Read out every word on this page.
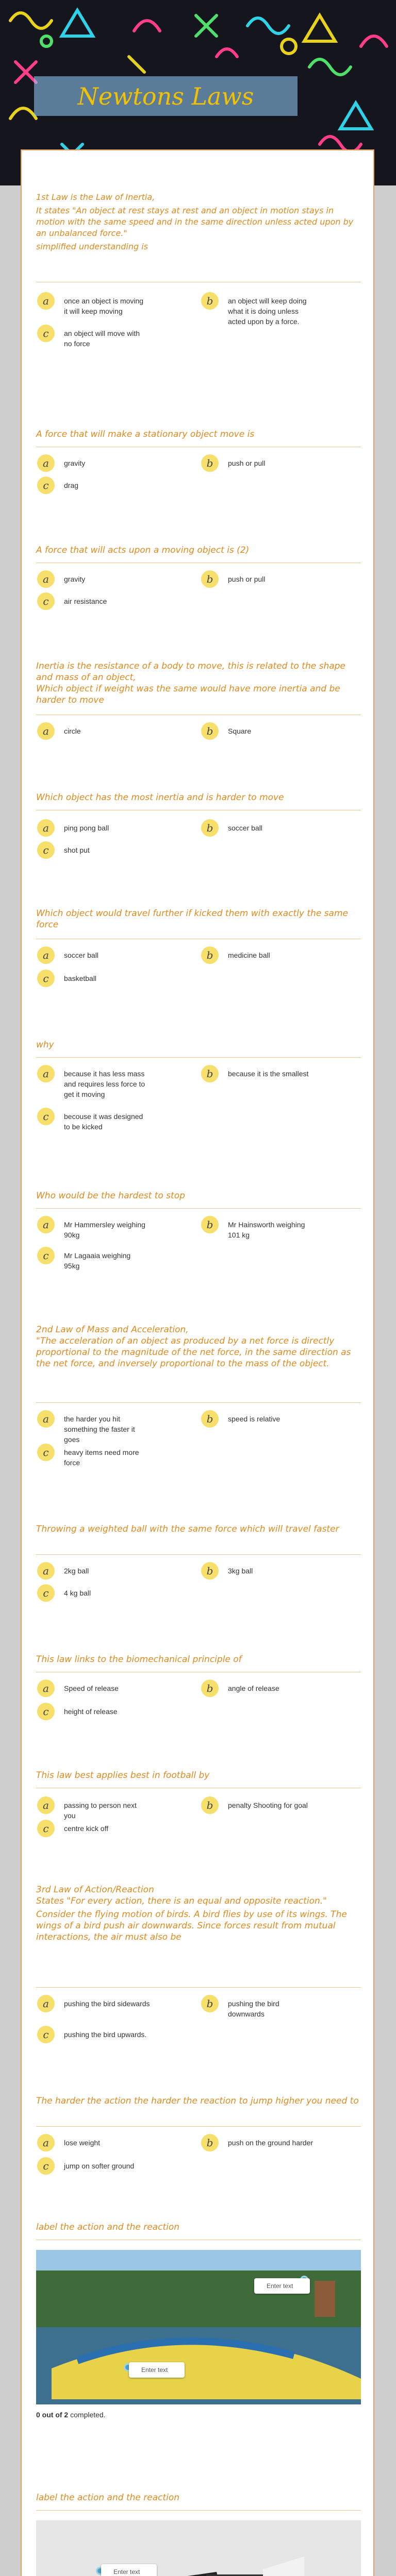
Newtons Laws

1st Law is the Law of Inertia,

It states "An object at rest stays at rest and an object in motion stays in motion with the same speed and in the same direction unless acted upon by an unbalanced force."

simplified understanding is

a	once an object is moving it will keep moving
b	an object will keep doing what it is doing unless acted upon by a force.
c	an object will move with no force

A force that will make a stationary object move is

a	gravity	b	push or pull
c	drag

A force that will acts upon a moving object is (2)

a	gravity	b	push or pull
c	air resistance

Inertia is the resistance of a body to move, this is related to the shape and mass of an object,

Which object if weight was the same would have more inertia and be harder to move

a	circle	b	Square

Which object has the most inertia and is harder to move

a	ping pong ball	b	soccer ball
c	shot put

Which object would travel further if kicked them with exactly the same force

a	soccer ball	b	medicine ball
c	basketball

why

a	because it has less mass and requires less force to get it moving
b	because it is the smallest
c	becouse it was designed to be kicked

Who would be the hardest to stop

a	Mr Hammersley weighing 90kg
b	Mr Hainsworth weighing 101 kg
c	Mr Lagaaia weighing 95kg

2nd Law of Mass and Acceleration,

"The acceleration of an object as produced by a net force is directly proportional to the magnitude of the net force, in the same direction as the net force, and inversely proportional to the mass of the object.

a	the harder you hit something the faster it goes
b	speed is relative
c	heavy items need more force

Throwing a weighted ball with the same force which will travel faster

a	2kg ball	b	3kg ball
c	4 kg ball

This law links to the biomechanical principle of

a	Speed of release	b	angle of release
c	height of release

This law best applies best in football by

a	passing to person next you
b	penalty Shooting for goal
c	centre kick off

3rd Law of Action/Reaction

States "For every action, there is an equal and opposite reaction."

Consider the flying motion of birds. A bird flies by use of its wings. The wings of a bird push air downwards. Since forces result from mutual interactions, the air must also be

a	pushing the bird sidewards	b	pushing the bird downwards
c	pushing the bird upwards.

The harder the action the harder the reaction to jump higher you need to

a	lose weight	b	push on the ground harder
c	jump on softer ground

label the action and the reaction

Enter text
Enter text
0 out of 2 completed.

label the action and the reaction

Enter text
